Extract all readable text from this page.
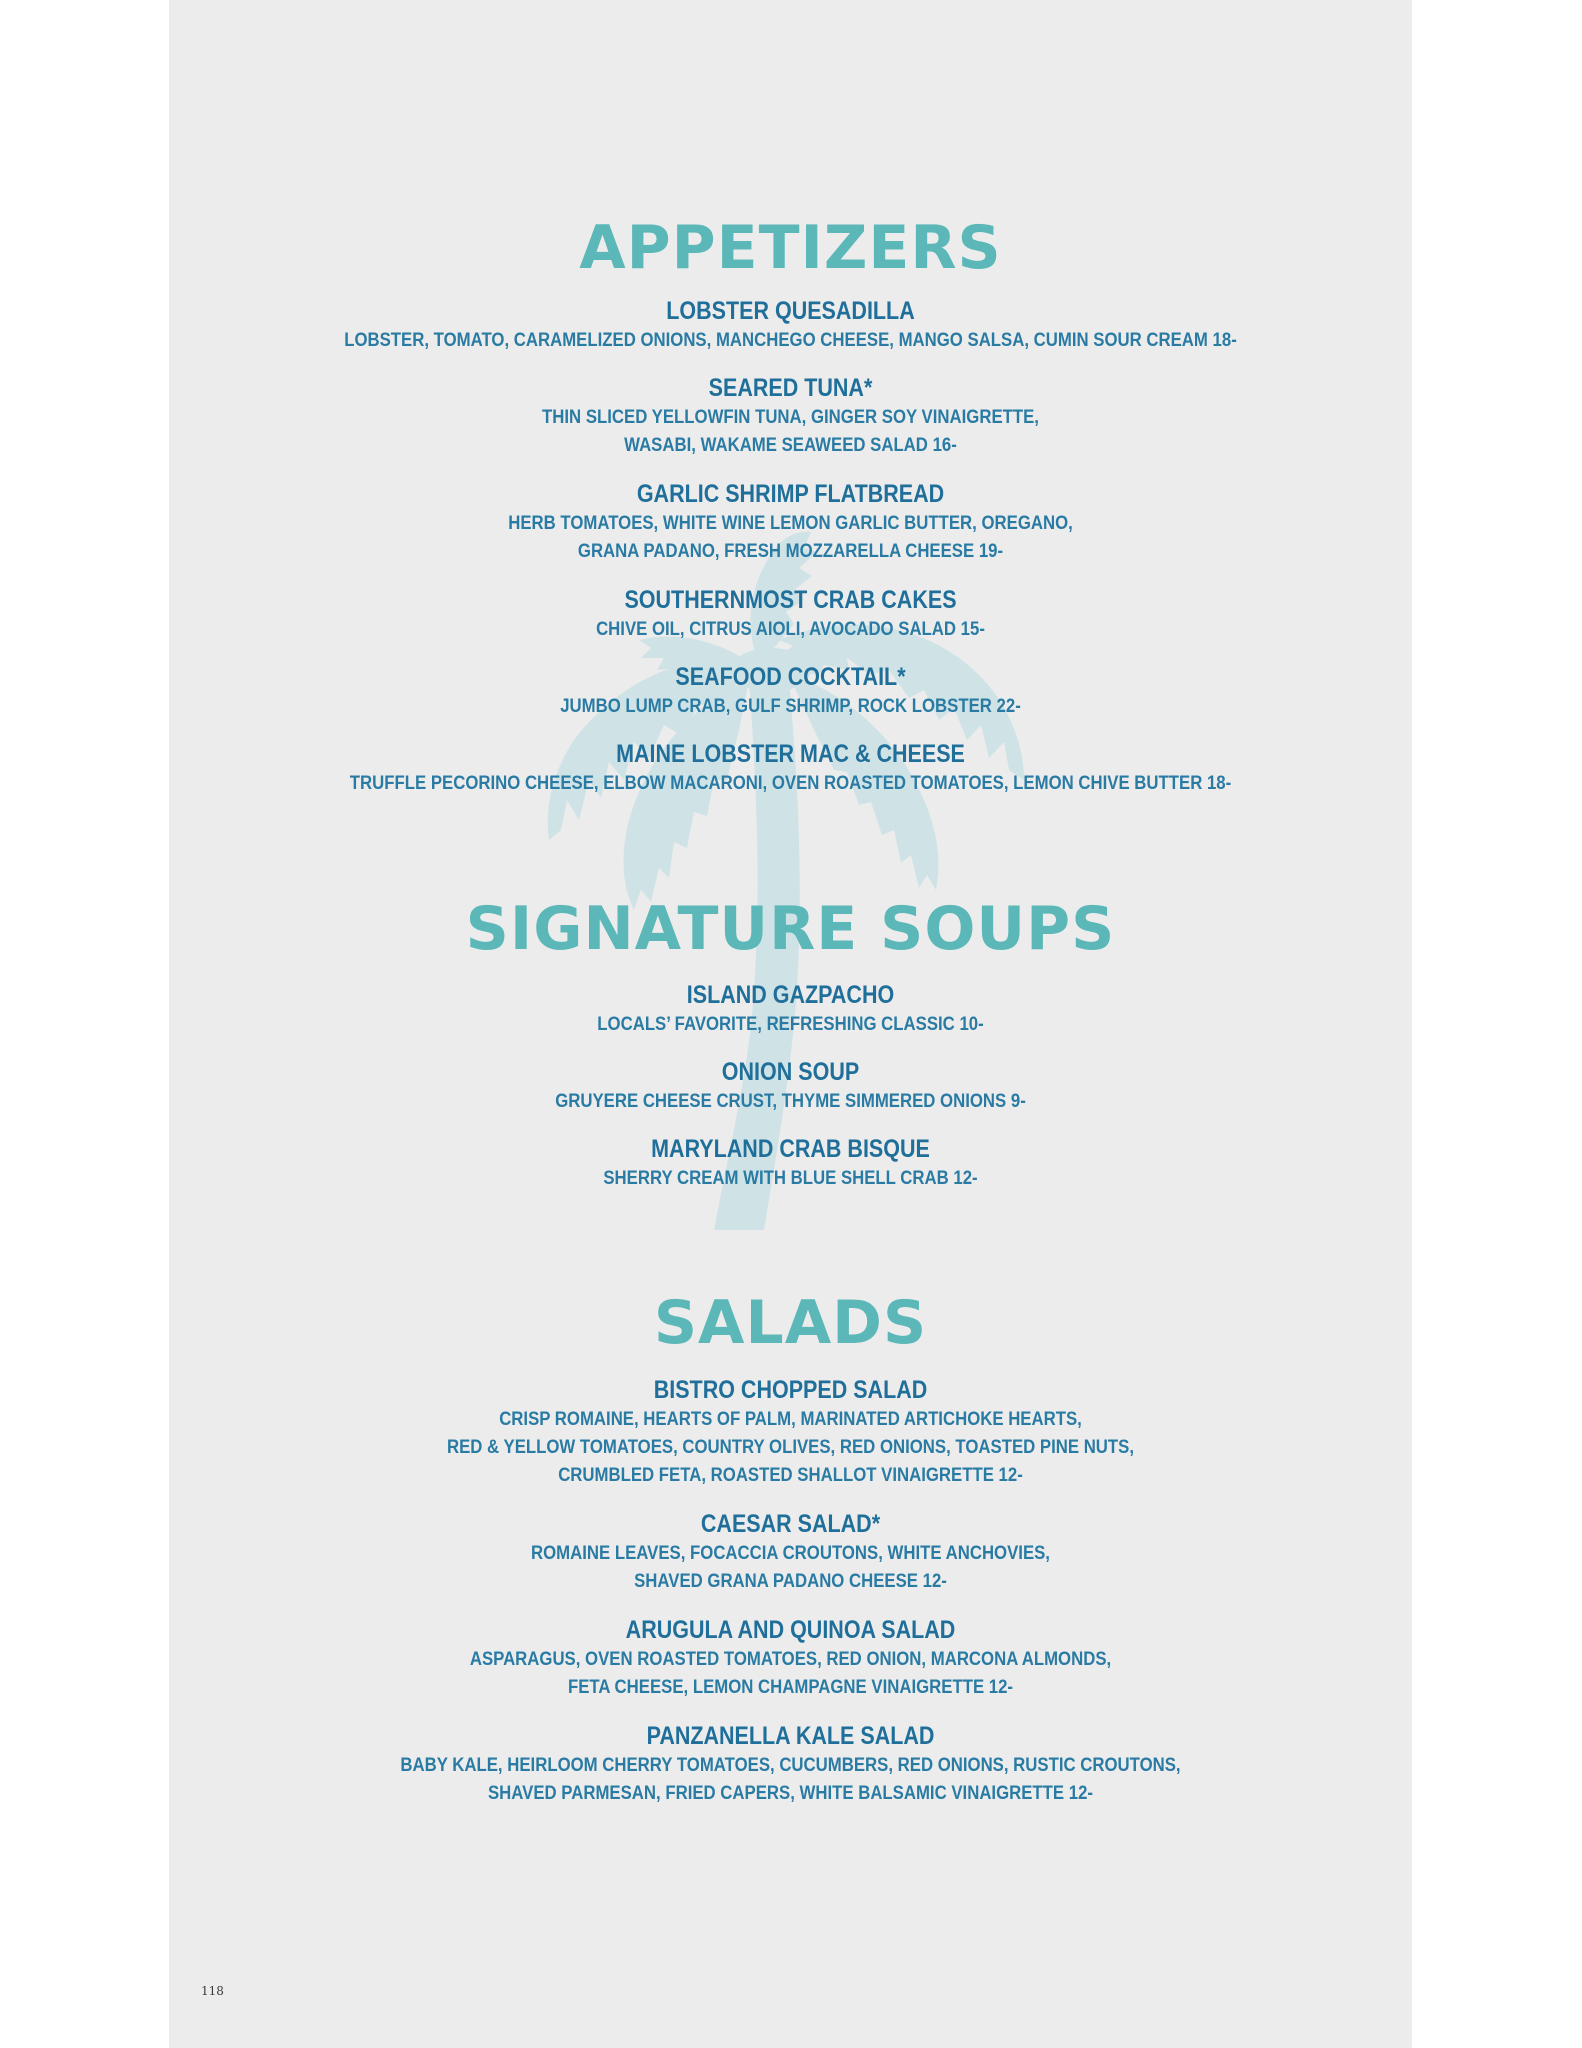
APPETIZERS
LOBSTER QUESADILLA
LOBSTER, TOMATO, CARAMELIZED ONIONS, MANCHEGO CHEESE, MANGO SALSA, CUMIN SOUR CREAM 18-
SEARED TUNA*
THIN SLICED YELLOWFIN TUNA, GINGER SOY VINAIGRETTE,
WASABI, WAKAME SEAWEED SALAD 16-
GARLIC SHRIMP FLATBREAD
HERB TOMATOES, WHITE WINE LEMON GARLIC BUTTER, OREGANO,
GRANA PADANO, FRESH MOZZARELLA CHEESE 19-
SOUTHERNMOST CRAB CAKES
CHIVE OIL, CITRUS AIOLI, AVOCADO SALAD 15-
SEAFOOD COCKTAIL*
JUMBO LUMP CRAB, GULF SHRIMP, ROCK LOBSTER 22-
MAINE LOBSTER MAC & CHEESE
TRUFFLE PECORINO CHEESE, ELBOW MACARONI, OVEN ROASTED TOMATOES, LEMON CHIVE BUTTER 18-
SIGNATURE SOUPS
ISLAND GAZPACHO
LOCALS’ FAVORITE, REFRESHING CLASSIC 10-
ONION SOUP
GRUYERE CHEESE CRUST, THYME SIMMERED ONIONS 9-
MARYLAND CRAB BISQUE
SHERRY CREAM WITH BLUE SHELL CRAB 12-
SALADS
BISTRO CHOPPED SALAD
CRISP ROMAINE, HEARTS OF PALM, MARINATED ARTICHOKE HEARTS,
RED & YELLOW TOMATOES, COUNTRY OLIVES, RED ONIONS, TOASTED PINE NUTS,
CRUMBLED FETA, ROASTED SHALLOT VINAIGRETTE 12-
CAESAR SALAD*
ROMAINE LEAVES, FOCACCIA CROUTONS, WHITE ANCHOVIES,
SHAVED GRANA PADANO CHEESE 12-
ARUGULA AND QUINOA SALAD
ASPARAGUS, OVEN ROASTED TOMATOES, RED ONION, MARCONA ALMONDS,
FETA CHEESE, LEMON CHAMPAGNE VINAIGRETTE 12-
PANZANELLA KALE SALAD
BABY KALE, HEIRLOOM CHERRY TOMATOES, CUCUMBERS, RED ONIONS, RUSTIC CROUTONS,
SHAVED PARMESAN, FRIED CAPERS, WHITE BALSAMIC VINAIGRETTE 12-
118
